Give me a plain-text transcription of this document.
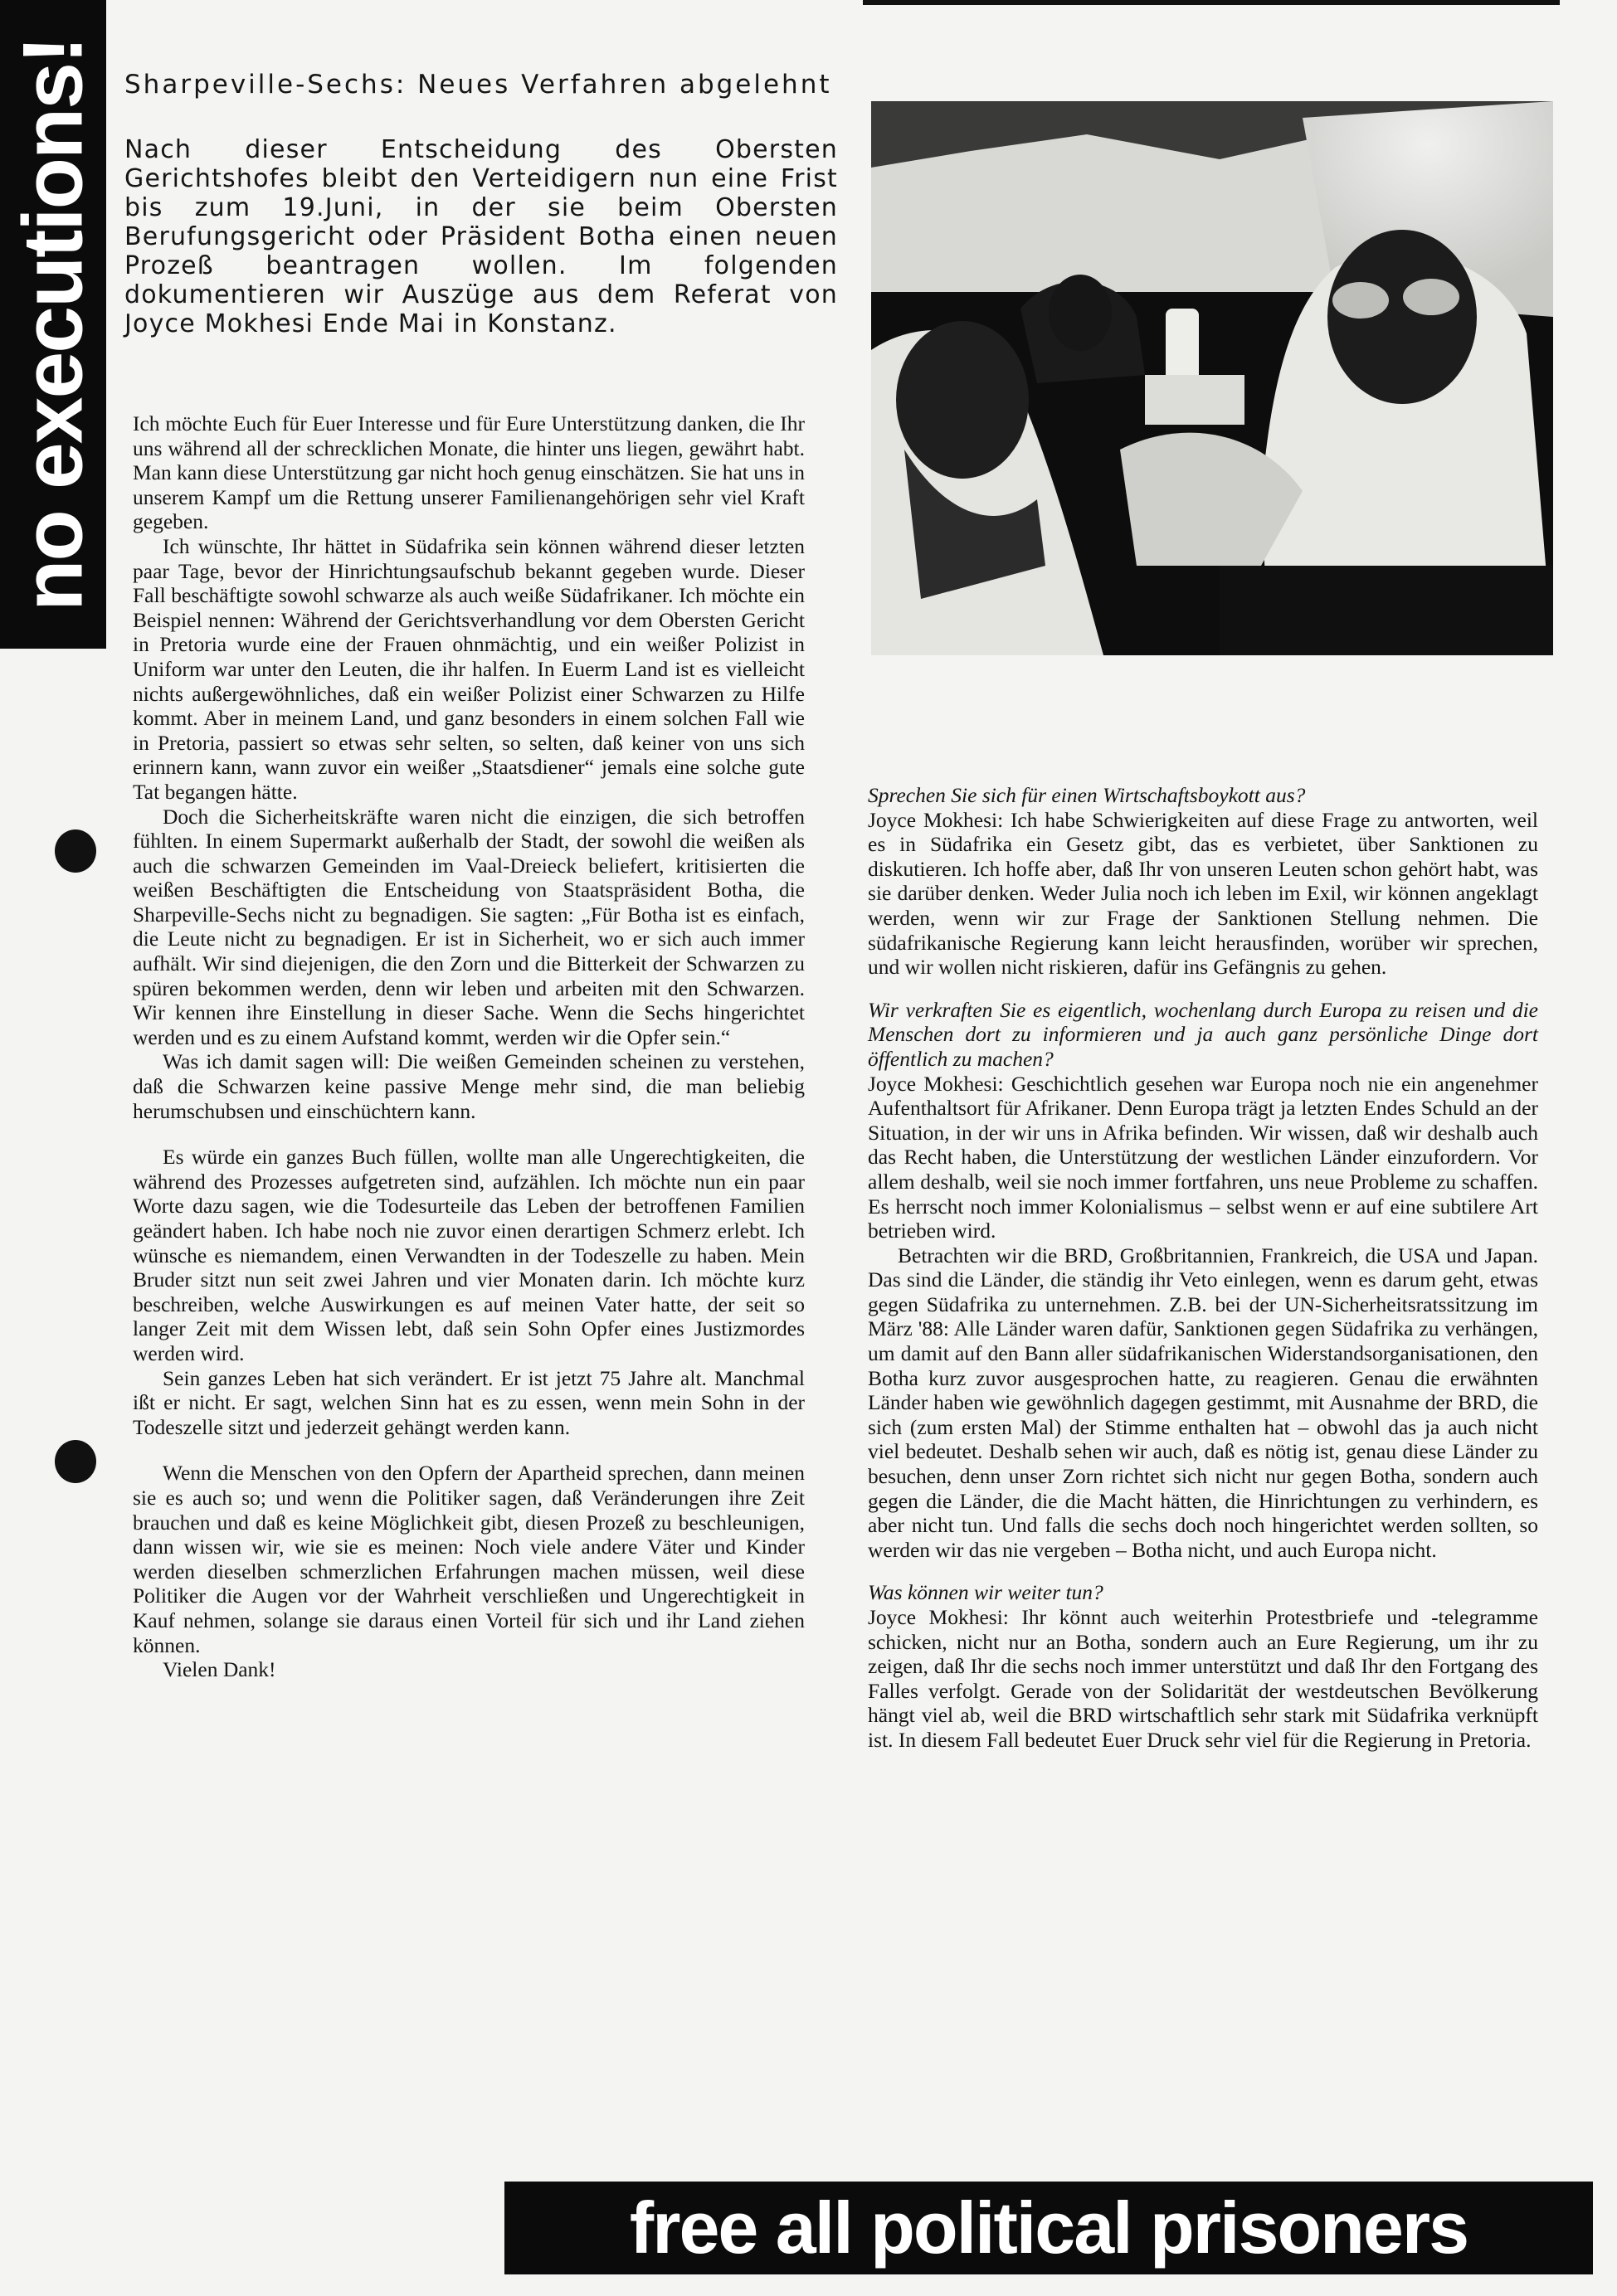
no executions! Sharpeville-Sechs: Neues Verfahren abgelehnt
Nach dieser Entscheidung des Obersten Gerichtshofes bleibt den Verteidigern nun eine Frist bis zum 19.Juni, in der sie beim Obersten Berufungsgericht oder Präsident Botha einen neuen Prozeß beantragen wollen. Im folgenden dokumentieren wir Auszüge aus dem Referat von Joyce Mokhesi Ende Mai in Konstanz.

Ich möchte Euch für Euer Interesse und für Eure Unterstützung danken, die Ihr uns während all der schrecklichen Monate, die hinter uns liegen, gewährt habt. Man kann diese Unterstützung gar nicht hoch genug einschätzen. Sie hat uns in unserem Kampf um die Rettung unserer Familienangehörigen sehr viel Kraft gegeben.

Ich wünschte, Ihr hättet in Südafrika sein können während dieser letzten paar Tage, bevor der Hinrichtungsaufschub bekannt gegeben wurde. Dieser Fall beschäftigte sowohl schwarze als auch weiße Südafrikaner. Ich möchte ein Beispiel nennen: Während der Gerichtsverhandlung vor dem Obersten Gericht in Pretoria wurde eine der Frauen ohnmächtig, und ein weißer Polizist in Uniform war unter den Leuten, die ihr halfen. In Euerm Land ist es vielleicht nichts außergewöhnliches, daß ein weißer Polizist einer Schwarzen zu Hilfe kommt. Aber in meinem Land, und ganz besonders in einem solchen Fall wie in Pretoria, passiert so etwas sehr selten, so selten, daß keiner von uns sich erinnern kann, wann zuvor ein weißer „Staatsdiener“ jemals eine solche gute Tat begangen hätte.

Doch die Sicherheitskräfte waren nicht die einzigen, die sich betroffen fühlten. In einem Supermarkt außerhalb der Stadt, der sowohl die weißen als auch die schwarzen Gemeinden im Vaal-Dreieck beliefert, kritisierten die weißen Beschäftigten die Entscheidung von Staatspräsident Botha, die Sharpeville-Sechs nicht zu begnadigen. Sie sagten: „Für Botha ist es einfach, die Leute nicht zu begnadigen. Er ist in Sicherheit, wo er sich auch immer aufhält. Wir sind diejenigen, die den Zorn und die Bitterkeit der Schwarzen zu spüren bekommen werden, denn wir leben und arbeiten mit den Schwarzen. Wir kennen ihre Einstellung in dieser Sache. Wenn die Sechs hingerichtet werden und es zu einem Aufstand kommt, werden wir die Opfer sein.“

Was ich damit sagen will: Die weißen Gemeinden scheinen zu verstehen, daß die Schwarzen keine passive Menge mehr sind, die man beliebig herumschubsen und einschüchtern kann.

Es würde ein ganzes Buch füllen, wollte man alle Ungerechtigkeiten, die während des Prozesses aufgetreten sind, aufzählen. Ich möchte nun ein paar Worte dazu sagen, wie die Todesurteile das Leben der betroffenen Familien geändert haben. Ich habe noch nie zuvor einen derartigen Schmerz erlebt. Ich wünsche es niemandem, einen Verwandten in der Todeszelle zu haben. Mein Bruder sitzt nun seit zwei Jahren und vier Monaten darin. Ich möchte kurz beschreiben, welche Auswirkungen es auf meinen Vater hatte, der seit so langer Zeit mit dem Wissen lebt, daß sein Sohn Opfer eines Justizmordes werden wird.

Sein ganzes Leben hat sich verändert. Er ist jetzt 75 Jahre alt. Manchmal ißt er nicht. Er sagt, welchen Sinn hat es zu essen, wenn mein Sohn in der Todeszelle sitzt und jederzeit gehängt werden kann.

Wenn die Menschen von den Opfern der Apartheid sprechen, dann meinen sie es auch so; und wenn die Politiker sagen, daß Veränderungen ihre Zeit brauchen und daß es keine Möglichkeit gibt, diesen Prozeß zu beschleunigen, dann wissen wir, wie sie es meinen: Noch viele andere Väter und Kinder werden dieselben schmerzlichen Erfahrungen machen müssen, weil diese Politiker die Augen vor der Wahrheit verschließen und Ungerechtigkeit in Kauf nehmen, solange sie daraus einen Vorteil für sich und ihr Land ziehen können.

Vielen Dank!

Sprechen Sie sich für einen Wirtschaftsboykott aus?

Joyce Mokhesi: Ich habe Schwierigkeiten auf diese Frage zu antworten, weil es in Südafrika ein Gesetz gibt, das es verbietet, über Sanktionen zu diskutieren. Ich hoffe aber, daß Ihr von unseren Leuten schon gehört habt, was sie darüber denken. Weder Julia noch ich leben im Exil, wir können angeklagt werden, wenn wir zur Frage der Sanktionen Stellung nehmen. Die südafrikanische Regierung kann leicht herausfinden, worüber wir sprechen, und wir wollen nicht riskieren, dafür ins Gefängnis zu gehen.

Wir verkraften Sie es eigentlich, wochenlang durch Europa zu reisen und die Menschen dort zu informieren und ja auch ganz persönliche Dinge dort öffentlich zu machen?

Joyce Mokhesi: Geschichtlich gesehen war Europa noch nie ein angenehmer Aufenthaltsort für Afrikaner. Denn Europa trägt ja letzten Endes Schuld an der Situation, in der wir uns in Afrika befinden. Wir wissen, daß wir deshalb auch das Recht haben, die Unterstützung der westlichen Länder einzufordern. Vor allem deshalb, weil sie noch immer fortfahren, uns neue Probleme zu schaffen. Es herrscht noch immer Kolonialismus – selbst wenn er auf eine subtilere Art betrieben wird.

Betrachten wir die BRD, Großbritannien, Frankreich, die USA und Japan. Das sind die Länder, die ständig ihr Veto einlegen, wenn es darum geht, etwas gegen Südafrika zu unternehmen. Z.B. bei der UN-Sicherheitsratssitzung im März '88: Alle Länder waren dafür, Sanktionen gegen Südafrika zu verhängen, um damit auf den Bann aller südafrikanischen Widerstandsorganisationen, den Botha kurz zuvor ausgesprochen hatte, zu reagieren. Genau die erwähnten Länder haben wie gewöhnlich dagegen gestimmt, mit Ausnahme der BRD, die sich (zum ersten Mal) der Stimme enthalten hat – obwohl das ja auch nicht viel bedeutet. Deshalb sehen wir auch, daß es nötig ist, genau diese Länder zu besuchen, denn unser Zorn richtet sich nicht nur gegen Botha, sondern auch gegen die Länder, die die Macht hätten, die Hinrichtungen zu verhindern, es aber nicht tun. Und falls die sechs doch noch hingerichtet werden sollten, so werden wir das nie vergeben – Botha nicht, und auch Europa nicht.

Was können wir weiter tun?

Joyce Mokhesi: Ihr könnt auch weiterhin Protestbriefe und -telegramme schicken, nicht nur an Botha, sondern auch an Eure Regierung, um ihr zu zeigen, daß Ihr die sechs noch immer unterstützt und daß Ihr den Fortgang des Falles verfolgt. Gerade von der Solidarität der westdeutschen Bevölkerung hängt viel ab, weil die BRD wirtschaftlich sehr stark mit Südafrika verknüpft ist. In diesem Fall bedeutet Euer Druck sehr viel für die Regierung in Pretoria.

free all political prisoners
